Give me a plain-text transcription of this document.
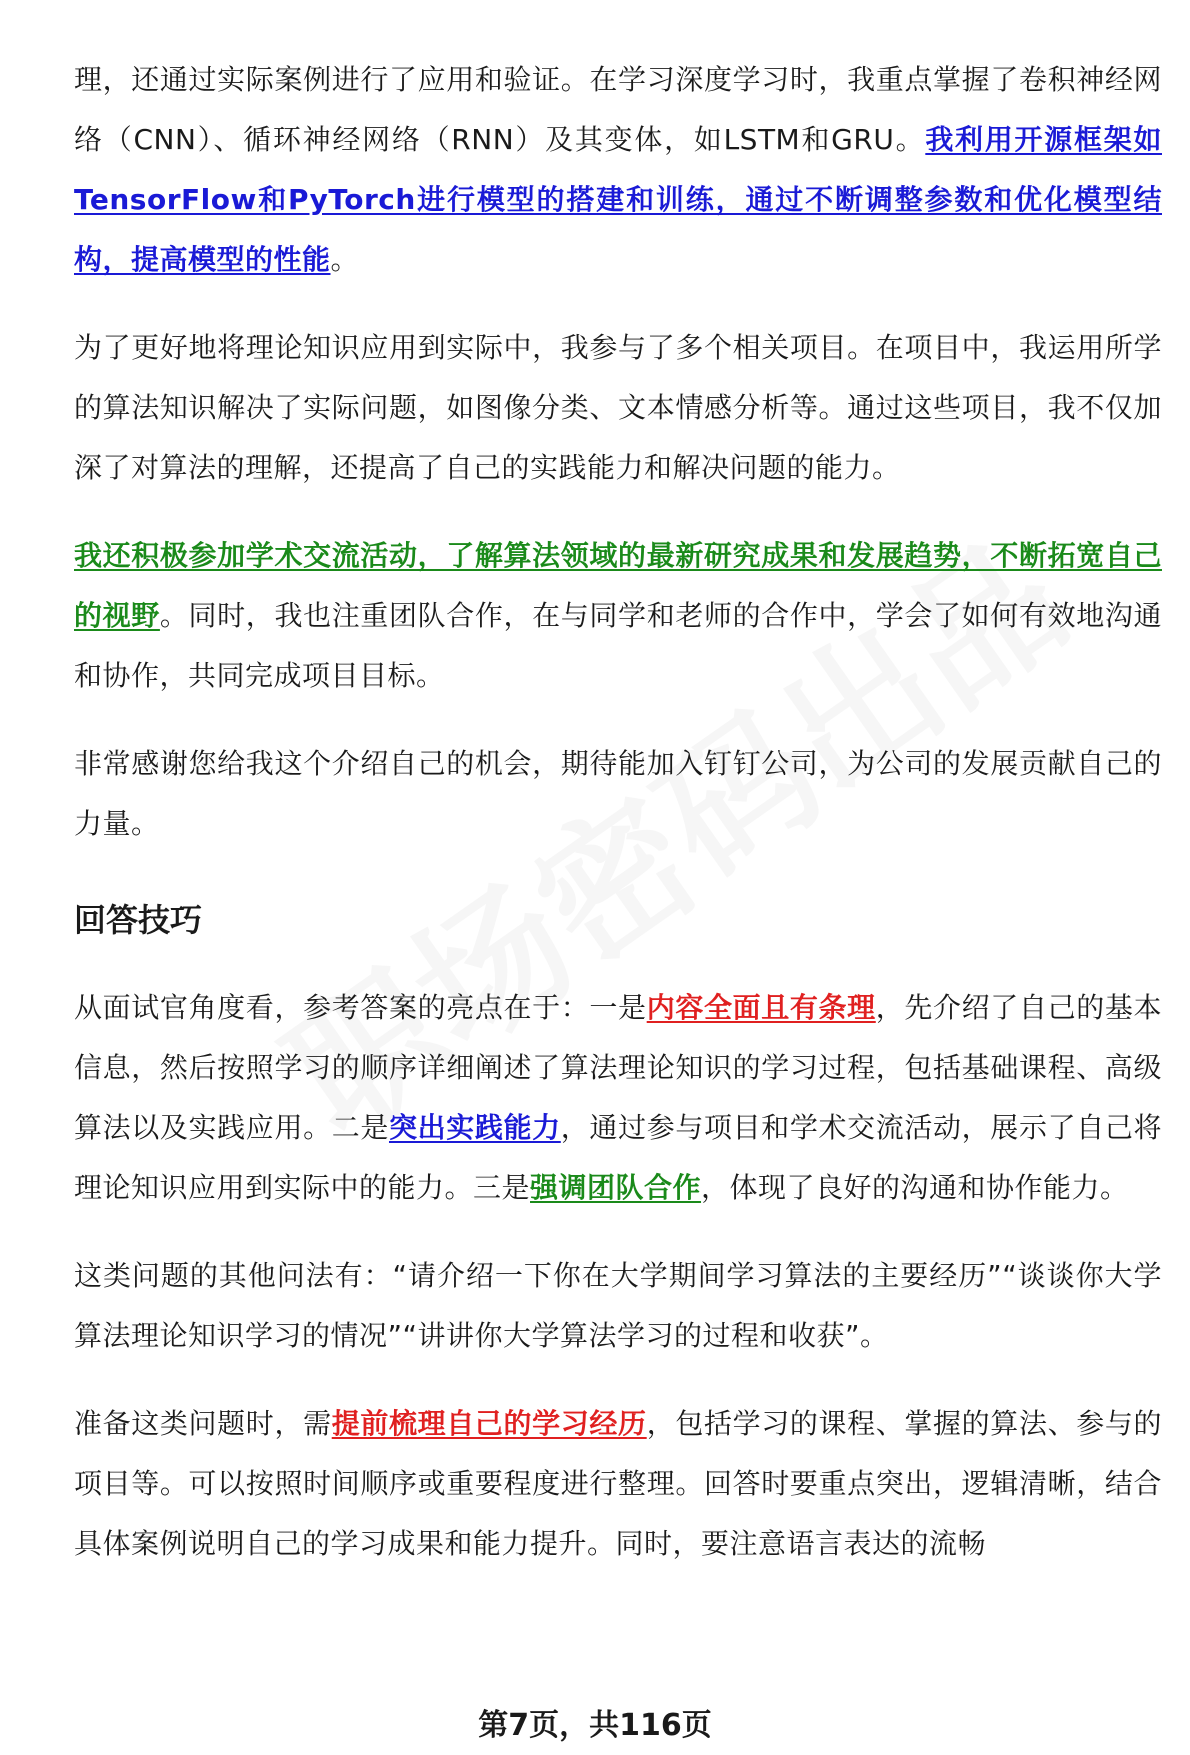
理，还通过实际案例进行了应用和验证。在学习深度学习时，我重点掌握了卷积神经网络（CNN）、循环神经网络（RNN）及其变体，如LSTM和GRU。我利用开源框架如TensorFlow和PyTorch进行模型的搭建和训练，通过不断调整参数和优化模型结构，提高模型的性能。
为了更好地将理论知识应用到实际中，我参与了多个相关项目。在项目中，我运用所学的算法知识解决了实际问题，如图像分类、文本情感分析等。通过这些项目，我不仅加深了对算法的理解，还提高了自己的实践能力和解决问题的能力。
我还积极参加学术交流活动，了解算法领域的最新研究成果和发展趋势，不断拓宽自己的视野。同时，我也注重团队合作，在与同学和老师的合作中，学会了如何有效地沟通和协作，共同完成项目目标。
非常感谢您给我这个介绍自己的机会，期待能加入钉钉公司，为公司的发展贡献自己的力量。
回答技巧
从面试官角度看，参考答案的亮点在于：一是内容全面且有条理，先介绍了自己的基本信息，然后按照学习的顺序详细阐述了算法理论知识的学习过程，包括基础课程、高级算法以及实践应用。二是突出实践能力，通过参与项目和学术交流活动，展示了自己将理论知识应用到实际中的能力。三是强调团队合作，体现了良好的沟通和协作能力。
这类问题的其他问法有：“请介绍一下你在大学期间学习算法的主要经历”“谈谈你大学算法理论知识学习的情况”“讲讲你大学算法学习的过程和收获”。
准备这类问题时，需提前梳理自己的学习经历，包括学习的课程、掌握的算法、参与的项目等。可以按照时间顺序或重要程度进行整理。回答时要重点突出，逻辑清晰，结合具体案例说明自己的学习成果和能力提升。同时，要注意语言表达的流畅
第7页，共116页
